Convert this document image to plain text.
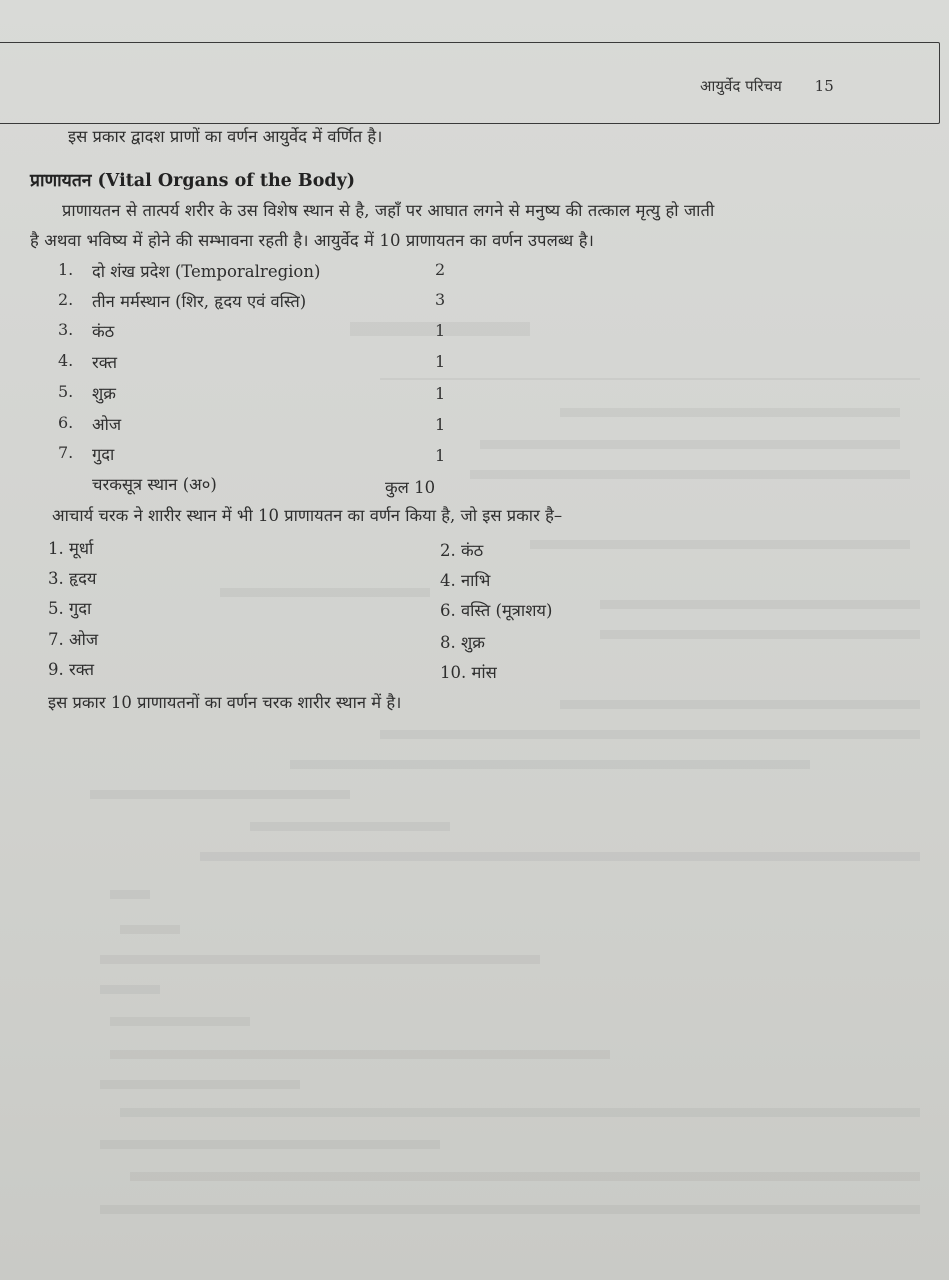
आयुर्वेद परिचय 15
इस प्रकार द्वादश प्राणों का वर्णन आयुर्वेद में वर्णित है।
प्राणायतन (Vital Organs of the Body)
प्राणायतन से तात्पर्य शरीर के उस विशेष स्थान से है, जहाँ पर आघात लगने से मनुष्य की तत्काल मृत्यु हो जाती
है अथवा भविष्य में होने की सम्भावना रहती है। आयुर्वेद में 10 प्राणायतन का वर्णन उपलब्ध है।
1. दो शंख प्रदेश (Temporalregion)	2
2. तीन मर्मस्थान (शिर, हृदय एवं वस्ति)	3
3. कंठ	1
4. रक्त	1
5. शुक्र	1
6. ओज	1
7. गुदा	1
चरकसूत्र स्थान (अ०)	कुल 10
आचार्य चरक ने शारीर स्थान में भी 10 प्राणायतन का वर्णन किया है, जो इस प्रकार है–
1. मूर्धा	2. कंठ
3. हृदय	4. नाभि
5. गुदा	6. वस्ति (मूत्राशय)
7. ओज	8. शुक्र
9. रक्त	10. मांस
इस प्रकार 10 प्राणायतनों का वर्णन चरक शारीर स्थान में है।
